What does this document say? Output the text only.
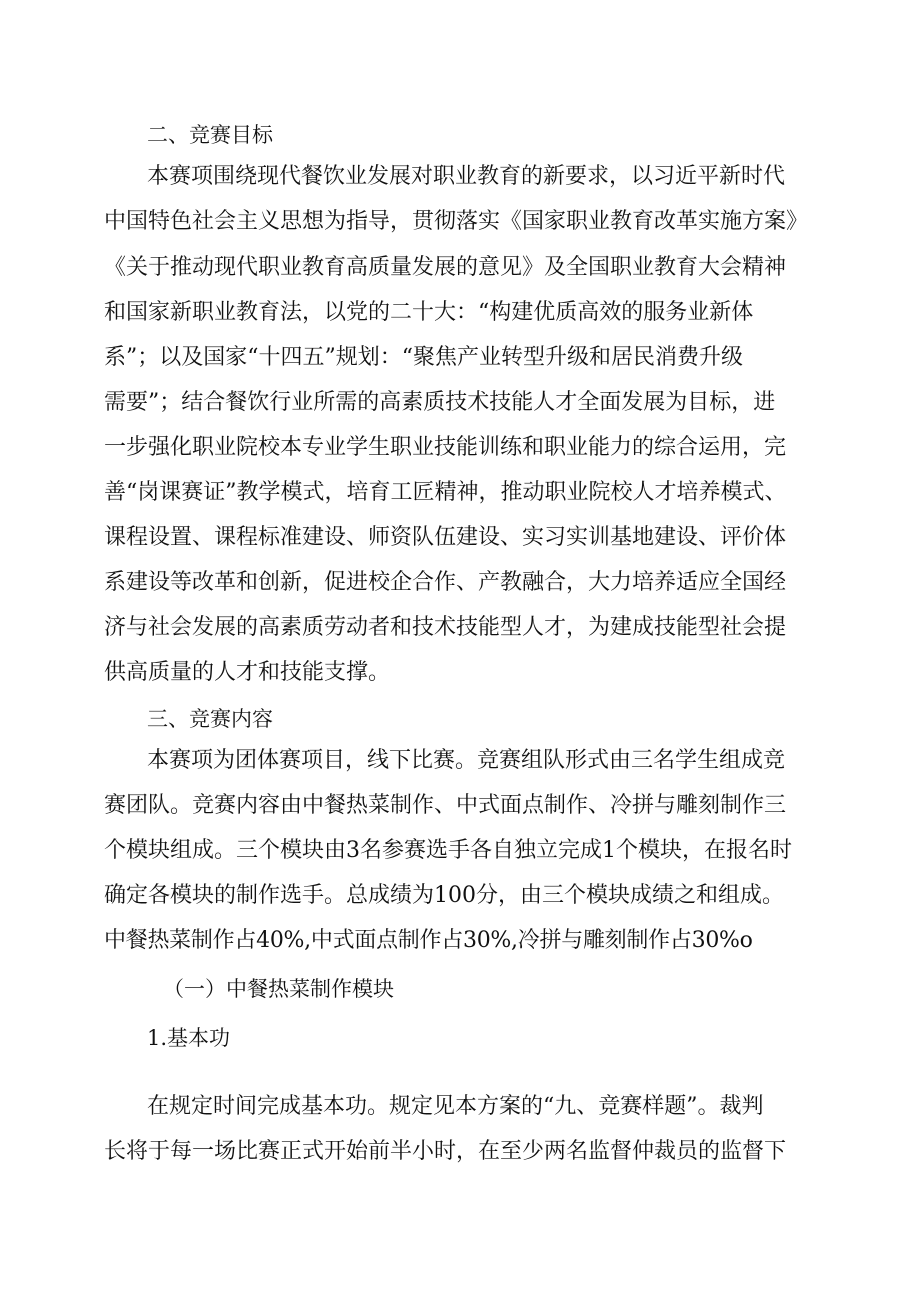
二、竞赛目标
本赛项围绕现代餐饮业发展对职业教育的新要求，以习近平新时代
中国特色社会主义思想为指导，贯彻落实《国家职业教育改革实施方案》
《关于推动现代职业教育高质量发展的意见》及全国职业教育大会精神
和国家新职业教育法，以党的二十大：“构建优质高效的服务业新体
系”；以及国家“十四五”规划：“聚焦产业转型升级和居民消费升级
需要”；结合餐饮行业所需的高素质技术技能人才全面发展为目标，进
一步强化职业院校本专业学生职业技能训练和职业能力的综合运用，完
善“岗课赛证”教学模式，培育工匠精神，推动职业院校人才培养模式、
课程设置、课程标准建设、师资队伍建设、实习实训基地建设、评价体
系建设等改革和创新，促进校企合作、产教融合，大力培养适应全国经
济与社会发展的高素质劳动者和技术技能型人才，为建成技能型社会提
供高质量的人才和技能支撑。
三、竞赛内容
本赛项为团体赛项目，线下比赛。竞赛组队形式由三名学生组成竞
赛团队。竞赛内容由中餐热菜制作、中式面点制作、冷拼与雕刻制作三
个模块组成。三个模块由3名参赛选手各自独立完成1个模块，在报名时
确定各模块的制作选手。总成绩为100分，由三个模块成绩之和组成。
中餐热菜制作占40%,中式面点制作占30%,冷拼与雕刻制作占30%o
（一）中餐热菜制作模块
1.基本功
在规定时间完成基本功。规定见本方案的“九、竞赛样题”。裁判
长将于每一场比赛正式开始前半小时，在至少两名监督仲裁员的监督下
